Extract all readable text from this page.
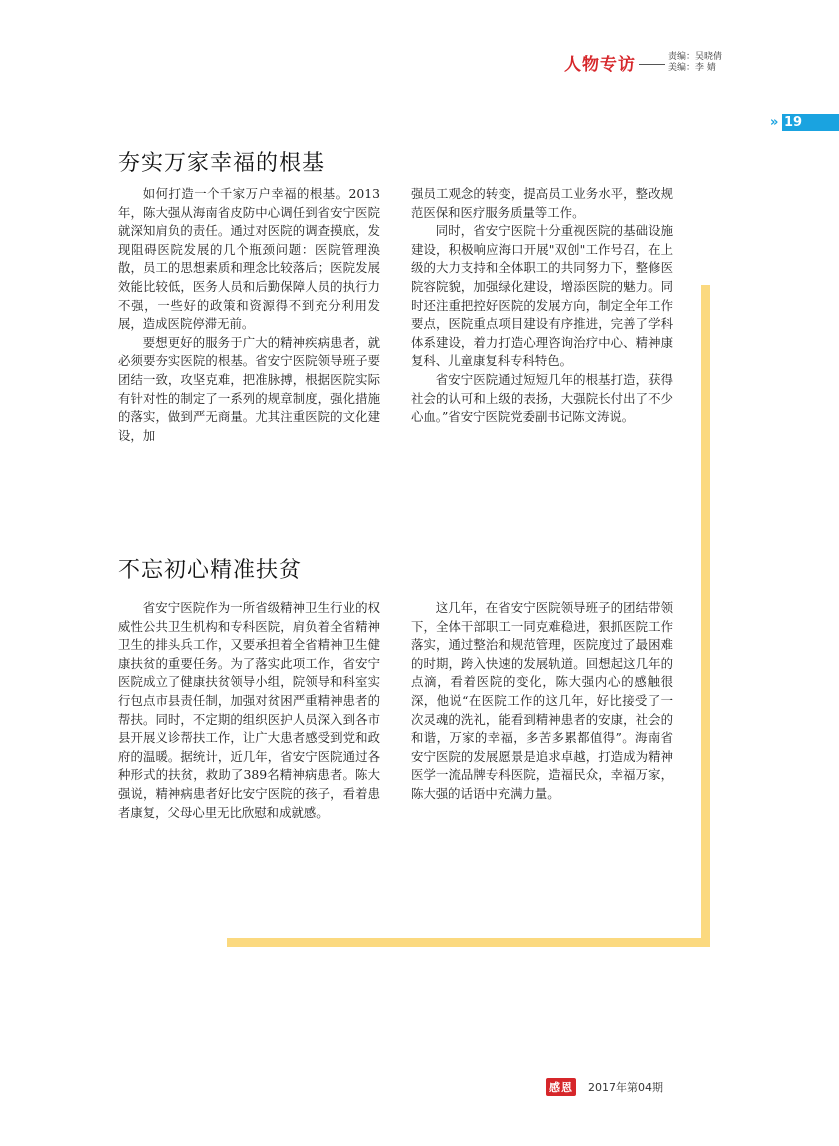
人物专访	责编：吴晓倩
美编：李 婧
» 19
夯实万家幸福的根基

如何打造一个千家万户幸福的根基。2013年，陈大强从海南省皮防中心调任到省安宁医院就深知肩负的责任。通过对医院的调查摸底，发现阻碍医院发展的几个瓶颈问题：医院管理涣散，员工的思想素质和理念比较落后；医院发展效能比较低，医务人员和后勤保障人员的执行力不强，一些好的政策和资源得不到充分利用发展，造成医院停滞无前。

要想更好的服务于广大的精神疾病患者，就必须要夯实医院的根基。省安宁医院领导班子要团结一致，攻坚克难，把准脉搏，根据医院实际有针对性的制定了一系列的规章制度，强化措施的落实，做到严无商量。尤其注重医院的文化建设，加

强员工观念的转变，提高员工业务水平，整改规范医保和医疗服务质量等工作。

同时，省安宁医院十分重视医院的基础设施建设，积极响应海口开展"双创"工作号召，在上级的大力支持和全体职工的共同努力下，整修医院容院貌，加强绿化建设，增添医院的魅力。同时还注重把控好医院的发展方向，制定全年工作要点，医院重点项目建设有序推进，完善了学科体系建设，着力打造心理咨询治疗中心、精神康复科、儿童康复科专科特色。

省安宁医院通过短短几年的根基打造，获得社会的认可和上级的表扬，大强院长付出了不少心血。”省安宁医院党委副书记陈文涛说。

不忘初心精准扶贫

省安宁医院作为一所省级精神卫生行业的权威性公共卫生机构和专科医院，肩负着全省精神卫生的排头兵工作，又要承担着全省精神卫生健康扶贫的重要任务。为了落实此项工作，省安宁医院成立了健康扶贫领导小组，院领导和科室实行包点市县责任制，加强对贫困严重精神患者的帮扶。同时，不定期的组织医护人员深入到各市县开展义诊帮扶工作，让广大患者感受到党和政府的温暖。据统计，近几年，省安宁医院通过各种形式的扶贫，救助了389名精神病患者。陈大强说，精神病患者好比安宁医院的孩子，看着患者康复，父母心里无比欣慰和成就感。

这几年，在省安宁医院领导班子的团结带领下，全体干部职工一同克难稳进，狠抓医院工作落实，通过整治和规范管理，医院度过了最困难的时期，跨入快速的发展轨道。回想起这几年的点滴，看着医院的变化，陈大强内心的感触很深，他说“在医院工作的这几年，好比接受了一次灵魂的洗礼，能看到精神患者的安康，社会的和谐，万家的幸福，多苦多累都值得”。海南省安宁医院的发展愿景是追求卓越，打造成为精神医学一流品牌专科医院，造福民众，幸福万家，陈大强的话语中充满力量。

感恩 2017年第04期
